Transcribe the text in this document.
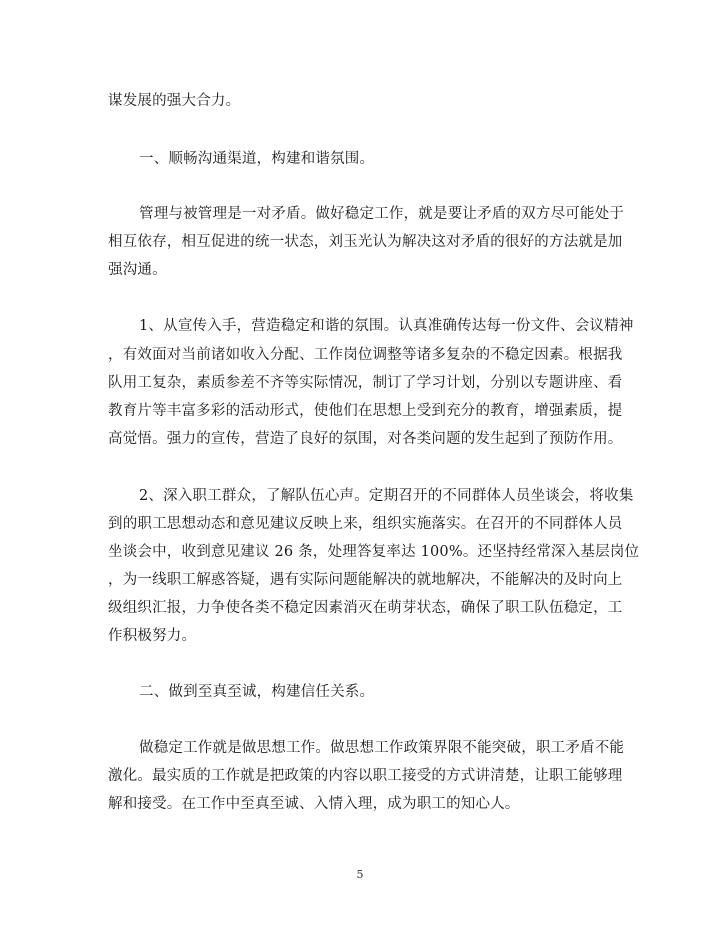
谋发展的强大合力。
一、顺畅沟通渠道，构建和谐氛围。
管理与被管理是一对矛盾。做好稳定工作，就是要让矛盾的双方尽可能处于
相互依存，相互促进的统一状态，刘玉光认为解决这对矛盾的很好的方法就是加
强沟通。
1、从宣传入手，营造稳定和谐的氛围。认真准确传达每一份文件、会议精神
，有效面对当前诸如收入分配、工作岗位调整等诸多复杂的不稳定因素。根据我
队用工复杂，素质参差不齐等实际情况，制订了学习计划，分别以专题讲座、看
教育片等丰富多彩的活动形式，使他们在思想上受到充分的教育，增强素质，提
高觉悟。强力的宣传，营造了良好的氛围，对各类问题的发生起到了预防作用。
2、深入职工群众，了解队伍心声。定期召开的不同群体人员坐谈会，将收集
到的职工思想动态和意见建议反映上来，组织实施落实。在召开的不同群体人员
坐谈会中，收到意见建议 26 条，处理答复率达 100%。还坚持经常深入基层岗位
，为一线职工解惑答疑，遇有实际问题能解决的就地解决，不能解决的及时向上
级组织汇报，力争使各类不稳定因素消灭在萌芽状态，确保了职工队伍稳定，工
作积极努力。
二、做到至真至诚，构建信任关系。
做稳定工作就是做思想工作。做思想工作政策界限不能突破，职工矛盾不能
激化。最实质的工作就是把政策的内容以职工接受的方式讲清楚，让职工能够理
解和接受。在工作中至真至诚、入情入理，成为职工的知心人。
5
